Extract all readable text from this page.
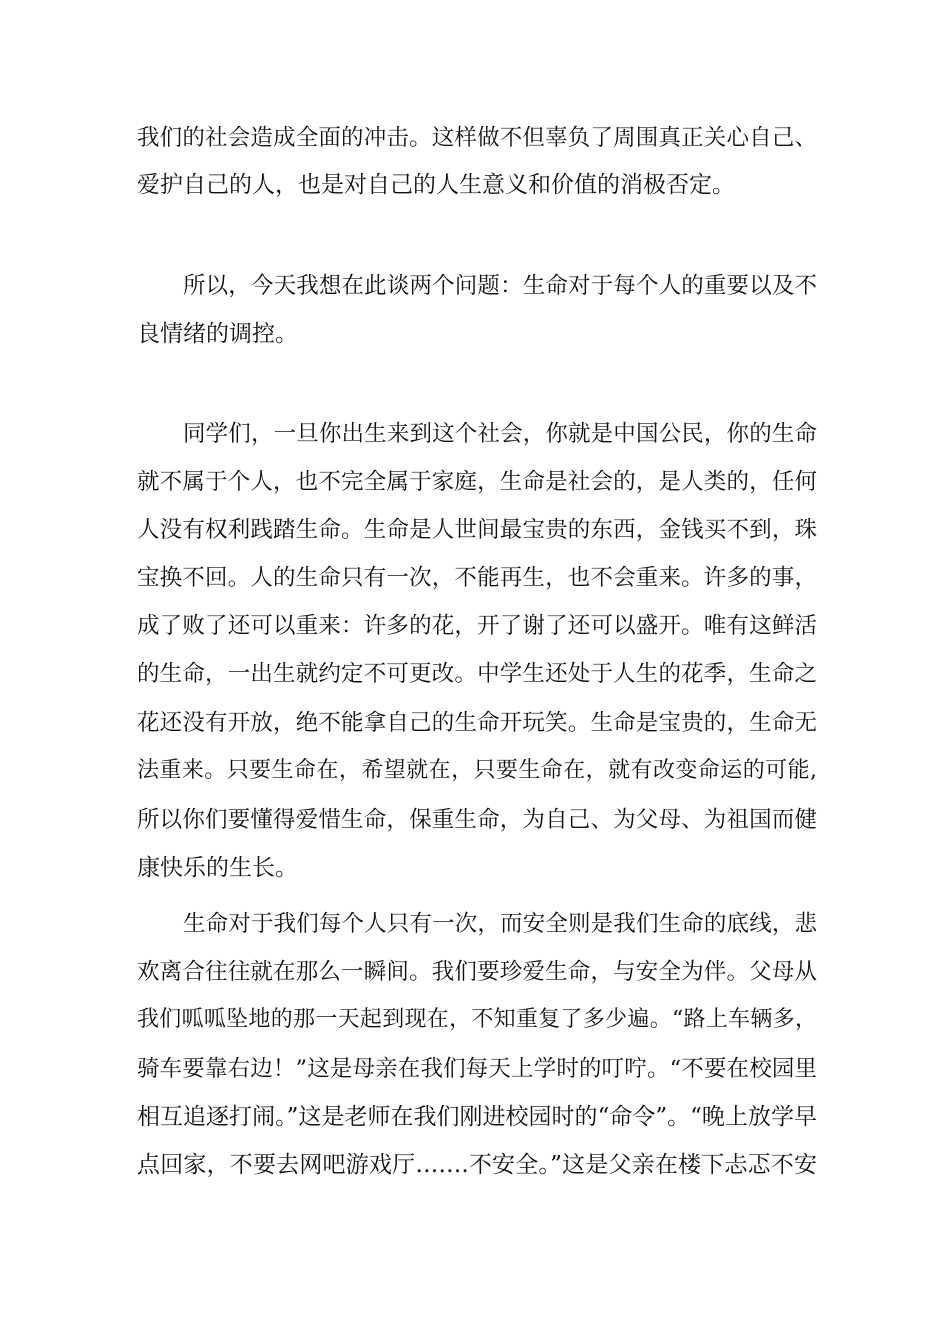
我们的社会造成全面的冲击。这样做不但辜负了周围真正关心自己、
爱护自己的人，也是对自己的人生意义和价值的消极否定。
所以，今天我想在此谈两个问题：生命对于每个人的重要以及不
良情绪的调控。
同学们，一旦你出生来到这个社会，你就是中国公民，你的生命
就不属于个人，也不完全属于家庭，生命是社会的，是人类的，任何
人没有权利践踏生命。生命是人世间最宝贵的东西，金钱买不到，珠
宝换不回。人的生命只有一次，不能再生，也不会重来。许多的事，
成了败了还可以重来：许多的花，开了谢了还可以盛开。唯有这鲜活
的生命，一出生就约定不可更改。中学生还处于人生的花季，生命之
花还没有开放，绝不能拿自己的生命开玩笑。生命是宝贵的，生命无
法重来。只要生命在，希望就在，只要生命在，就有改变命运的可能,
所以你们要懂得爱惜生命，保重生命，为自己、为父母、为祖国而健
康快乐的生长。
生命对于我们每个人只有一次，而安全则是我们生命的底线，悲
欢离合往往就在那么一瞬间。我们要珍爱生命，与安全为伴。父母从
我们呱呱坠地的那一天起到现在，不知重复了多少遍。“路上车辆多，
骑车要靠右边！”这是母亲在我们每天上学时的叮咛。“不要在校园里
相互追逐打闹。”这是老师在我们刚进校园时的“命令”。“晚上放学早
点回家，不要去网吧游戏厅…….不安全。”这是父亲在楼下忐忑不安
